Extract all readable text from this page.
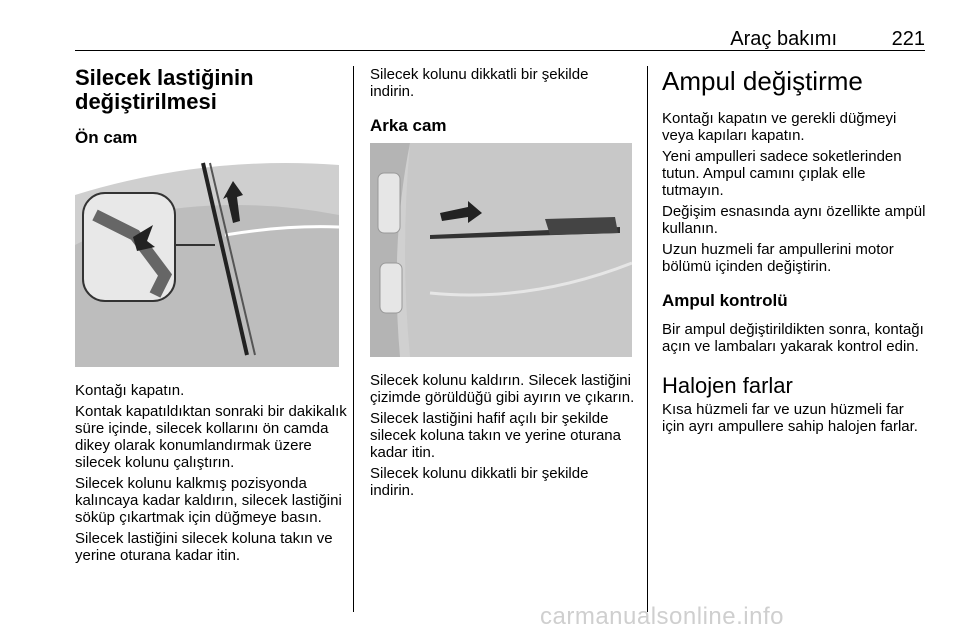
Araç bakımı	221
Silecek lastiğinin değiştirilmesi
Ön cam

Kontağı kapatın.

Kontak kapatıldıktan sonraki bir dakikalık süre içinde, silecek kollarını ön camda dikey olarak konumlandırmak üzere silecek kolunu çalıştırın.

Silecek kolunu kalkmış pozisyonda kalıncaya kadar kaldırın, silecek lastiğini söküp çıkartmak için düğmeye basın.

Silecek lastiğini silecek koluna takın ve yerine oturana kadar itin.

Silecek kolunu dikkatli bir şekilde indirin.

Arka cam

Silecek kolunu kaldırın. Silecek lastiğini çizimde görüldüğü gibi ayırın ve çıkarın.

Silecek lastiğini hafif açılı bir şekilde silecek koluna takın ve yerine oturana kadar itin.

Silecek kolunu dikkatli bir şekilde indirin.

Ampul değiştirme

Kontağı kapatın ve gerekli düğmeyi veya kapıları kapatın.

Yeni ampulleri sadece soketlerinden tutun. Ampul camını çıplak elle tutmayın.

Değişim esnasında aynı özellikte ampül kullanın.

Uzun huzmeli far ampullerini motor bölümü içinden değiştirin.

Ampul kontrolü

Bir ampul değiştirildikten sonra, kontağı açın ve lambaları yakarak kontrol edin.

Halojen farlar

Kısa hüzmeli far ve uzun hüzmeli far için ayrı ampullere sahip halojen farlar.

carmanualsonline.info
